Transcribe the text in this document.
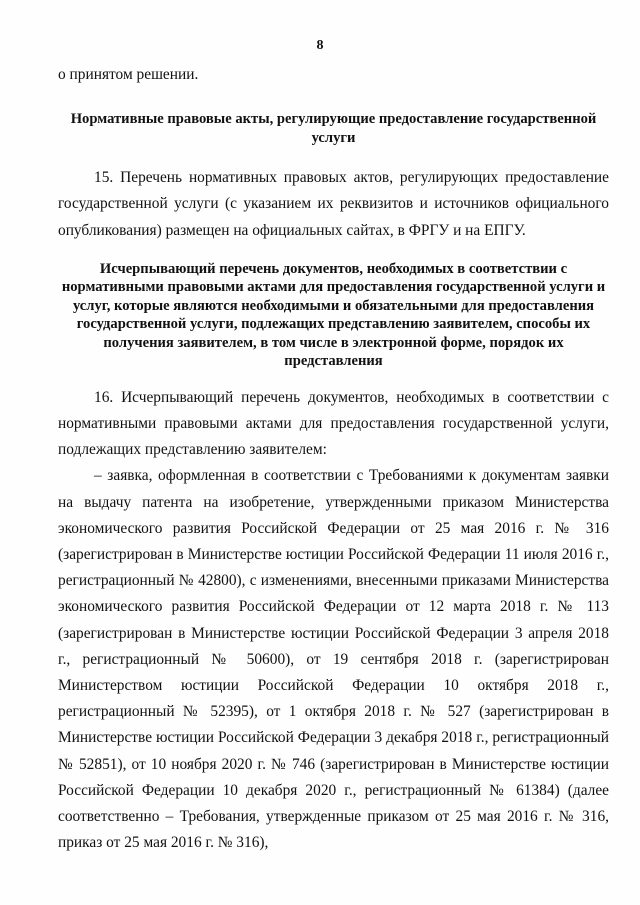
8

о принятом решении.

Нормативные правовые акты, регулирующие предоставление государственной услуги

15. Перечень нормативных правовых актов, регулирующих предоставление государственной услуги (с указанием их реквизитов и источников официального опубликования) размещен на официальных сайтах, в ФРГУ и на ЕПГУ.

Исчерпывающий перечень документов, необходимых в соответствии с нормативными правовыми актами для предоставления государственной услуги и услуг, которые являются необходимыми и обязательными для предоставления государственной услуги, подлежащих представлению заявителем, способы их получения заявителем, в том числе в электронной форме, порядок их представления

16. Исчерпывающий перечень документов, необходимых в соответствии с нормативными правовыми актами для предоставления государственной услуги, подлежащих представлению заявителем:

– заявка, оформленная в соответствии с Требованиями к документам заявки на выдачу патента на изобретение, утвержденными приказом Министерства экономического развития Российской Федерации от 25 мая 2016 г. № 316 (зарегистрирован в Министерстве юстиции Российской Федерации 11 июля 2016 г., регистрационный № 42800), с изменениями, внесенными приказами Министерства экономического развития Российской Федерации от 12 марта 2018 г. № 113 (зарегистрирован в Министерстве юстиции Российской Федерации 3 апреля 2018 г., регистрационный № 50600), от 19 сентября 2018 г. (зарегистрирован Министерством юстиции Российской Федерации 10 октября 2018 г., регистрационный № 52395), от 1 октября 2018 г. № 527 (зарегистрирован в Министерстве юстиции Российской Федерации 3 декабря 2018 г., регистрационный № 52851), от 10 ноября 2020 г. № 746 (зарегистрирован в Министерстве юстиции Российской Федерации 10 декабря 2020 г., регистрационный № 61384) (далее соответственно – Требования, утвержденные приказом от 25 мая 2016 г. № 316, приказ от 25 мая 2016 г. № 316),
